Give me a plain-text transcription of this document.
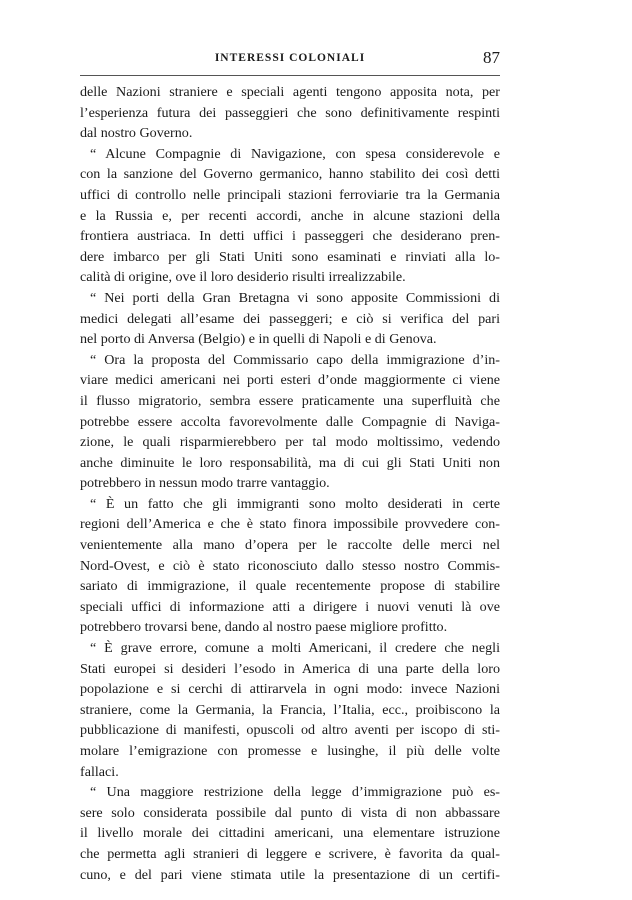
INTERESSI COLONIALI	87
delle Nazioni straniere e speciali agenti tengono apposita nota, per
l’esperienza futura dei passeggieri che sono definitivamente respinti
dal nostro Governo.
“ Alcune Compagnie di Navigazione, con spesa considerevole e
con la sanzione del Governo germanico, hanno stabilito dei così detti
uffici di controllo nelle principali stazioni ferroviarie tra la Germania
e la Russia e, per recenti accordi, anche in alcune stazioni della
frontiera austriaca. In detti uffici i passeggeri che desiderano pren-
dere imbarco per gli Stati Uniti sono esaminati e rinviati alla lo-
calità di origine, ove il loro desiderio risulti irrealizzabile.
“ Nei porti della Gran Bretagna vi sono apposite Commissioni di
medici delegati all’esame dei passeggeri; e ciò si verifica del pari
nel porto di Anversa (Belgio) e in quelli di Napoli e di Genova.
“ Ora la proposta del Commissario capo della immigrazione d’in-
viare medici americani nei porti esteri d’onde maggiormente ci viene
il flusso migratorio, sembra essere praticamente una superfluità che
potrebbe essere accolta favorevolmente dalle Compagnie di Naviga-
zione, le quali risparmierebbero per tal modo moltissimo, vedendo
anche diminuite le loro responsabilità, ma di cui gli Stati Uniti non
potrebbero in nessun modo trarre vantaggio.
“ È un fatto che gli immigranti sono molto desiderati in certe
regioni dell’America e che è stato finora impossibile provvedere con-
venientemente alla mano d’opera per le raccolte delle merci nel
Nord-Ovest, e ciò è stato riconosciuto dallo stesso nostro Commis-
sariato di immigrazione, il quale recentemente propose di stabilire
speciali uffici di informazione atti a dirigere i nuovi venuti là ove
potrebbero trovarsi bene, dando al nostro paese migliore profitto.
“ È grave errore, comune a molti Americani, il credere che negli
Stati europei si desideri l’esodo in America di una parte della loro
popolazione e si cerchi di attirarvela in ogni modo: invece Nazioni
straniere, come la Germania, la Francia, l’Italia, ecc., proibiscono la
pubblicazione di manifesti, opuscoli od altro aventi per iscopo di sti-
molare l’emigrazione con promesse e lusinghe, il più delle volte
fallaci.
“ Una maggiore restrizione della legge d’immigrazione può es-
sere solo considerata possibile dal punto di vista di non abbassare
il livello morale dei cittadini americani, una elementare istruzione
che permetta agli stranieri di leggere e scrivere, è favorita da qual-
cuno, e del pari viene stimata utile la presentazione di un certifi-
